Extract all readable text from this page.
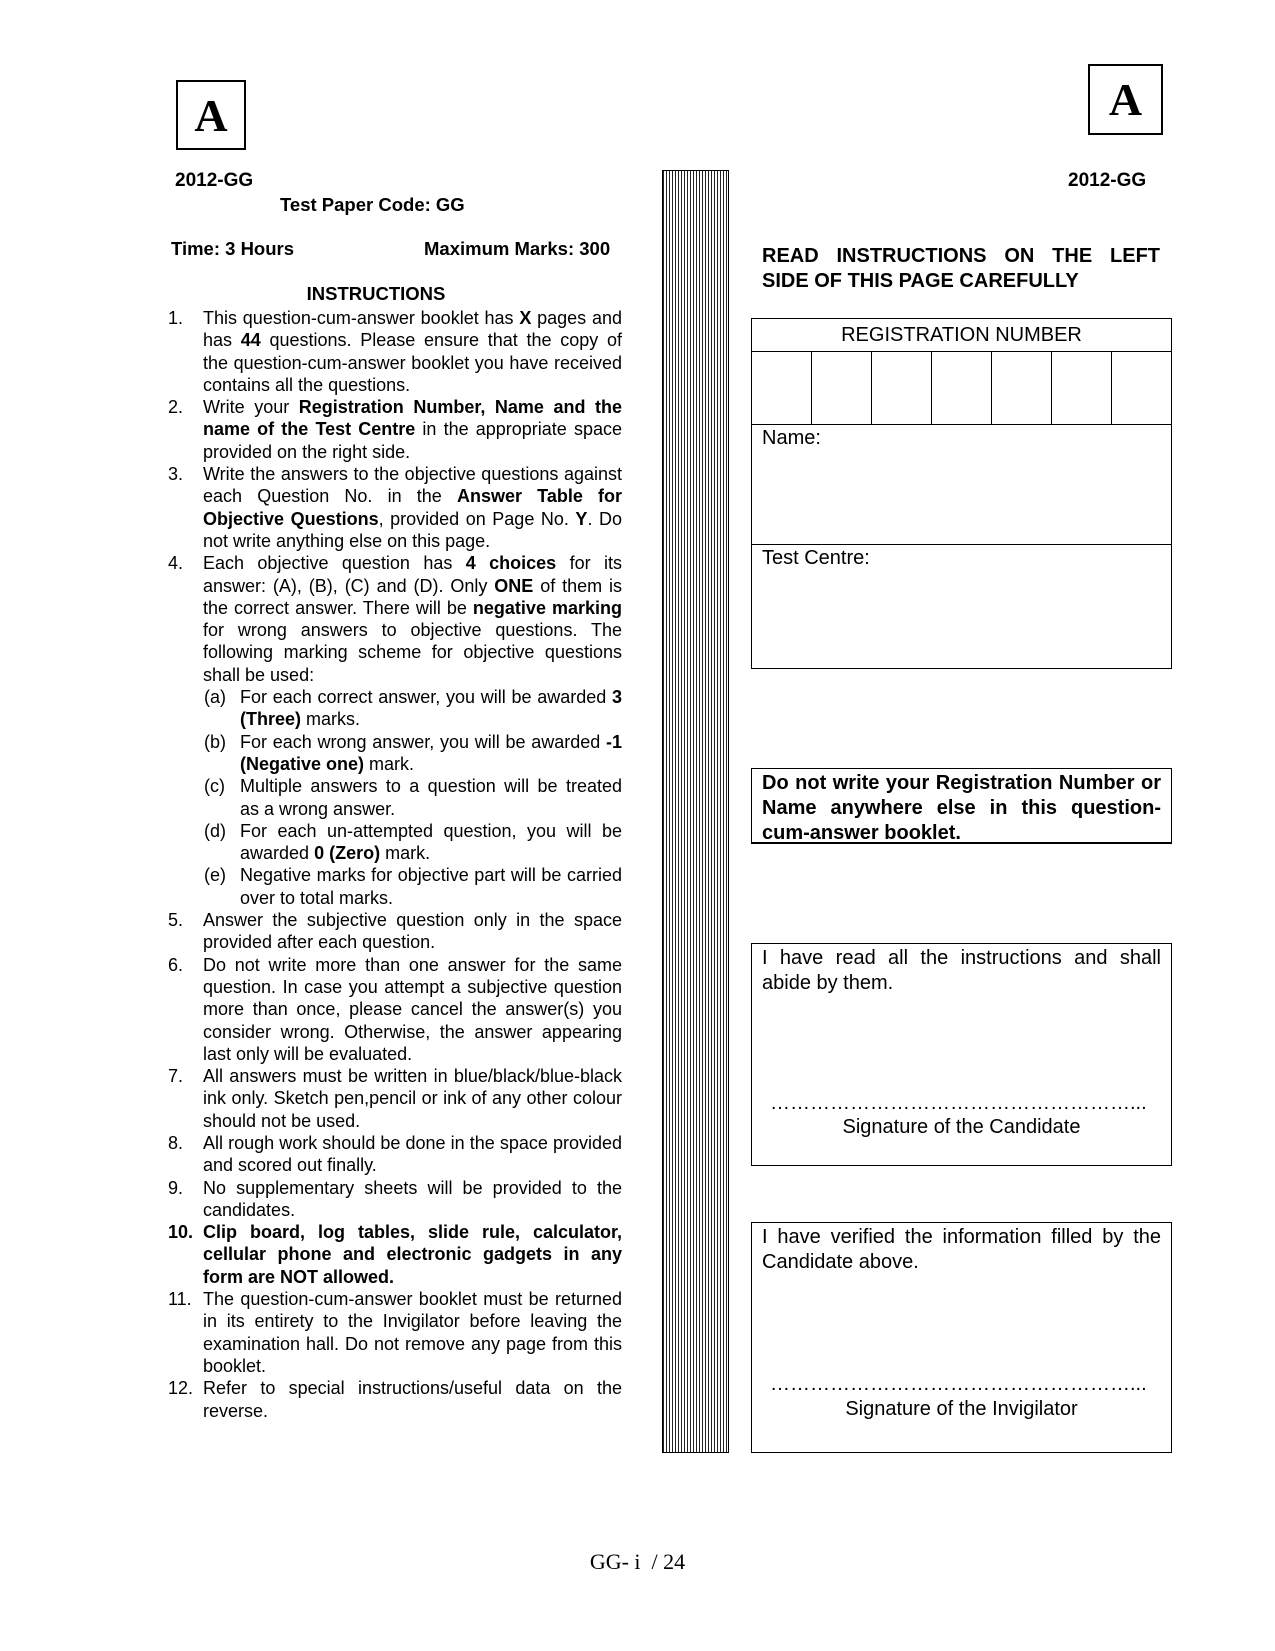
A	A
2012-GG
Test Paper Code: GG
Time: 3 Hours	Maximum Marks: 300
INSTRUCTIONS
2012-GG
1.	This question-cum-answer booklet has X pages and has 44 questions. Please ensure that the copy of the question-cum-answer booklet you have received contains all the questions.
2.	Write your Registration Number, Name and the name of the Test Centre in the appropriate space provided on the right side.
3.	Write the answers to the objective questions against each Question No. in the Answer Table for Objective Questions, provided on Page No. Y. Do not write anything else on this page.
4.	Each objective question has 4 choices for its answer: (A), (B), (C) and (D). Only ONE of them is the correct answer. There will be negative marking for wrong answers to objective questions. The following marking scheme for objective questions shall be used:
(a) For each correct answer, you will be awarded 3 (Three) marks.
(b) For each wrong answer, you will be awarded -1 (Negative one) mark.
(c) Multiple answers to a question will be treated as a wrong answer.
(d) For each un-attempted question, you will be awarded 0 (Zero) mark.
(e) Negative marks for objective part will be carried over to total marks.
5.	Answer the subjective question only in the space provided after each question.
6.	Do not write more than one answer for the same question. In case you attempt a subjective question more than once, please cancel the answer(s) you consider wrong. Otherwise, the answer appearing last only will be evaluated.
7.	All answers must be written in blue/black/blue-black ink only. Sketch pen,pencil or ink of any other colour should not be used.
8.	All rough work should be done in the space provided and scored out finally.
9.	No supplementary sheets will be provided to the candidates.
10. Clip board, log tables, slide rule, calculator, cellular phone and electronic gadgets in any form are NOT allowed.
11. The question-cum-answer booklet must be returned in its entirety to the Invigilator before leaving the examination hall. Do not remove any page from this booklet.
12. Refer to special instructions/useful data on the reverse.
READ INSTRUCTIONS ON THE LEFT SIDE OF THIS PAGE CAREFULLY
REGISTRATION NUMBER
Name:
Test Centre:
Do not write your Registration Number or Name anywhere else in this question-cum-answer booklet.
I have read all the instructions and shall abide by them.
………………………………………………...
Signature of the Candidate
I have verified the information filled by the Candidate above.
………………………………………………...
Signature of the Invigilator
GG- i  / 24
